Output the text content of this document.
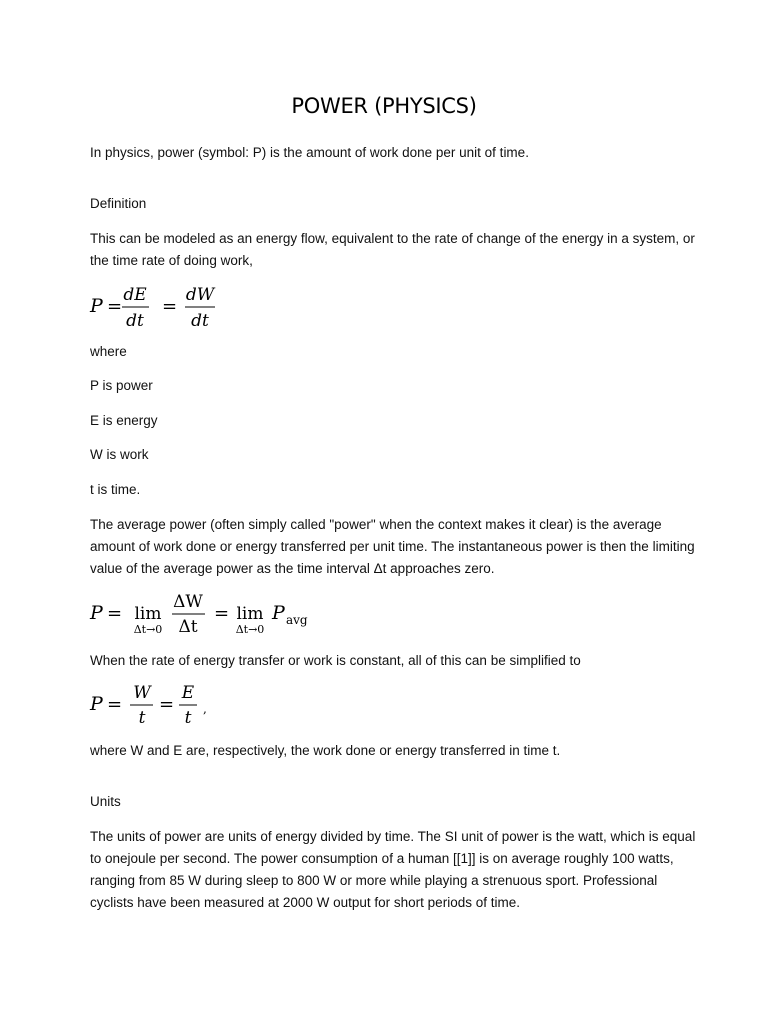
POWER (PHYSICS)

In physics, power (symbol: P) is the amount of work done per unit of time.

Definition

This can be modeled as an energy flow, equivalent to the rate of change of the energy in a system, or the time rate of doing work,

P =
dE
dt
=
dW
dt

where

P is power

E is energy

W is work

t is time.

The average power (often simply called "power" when the context makes it clear) is the average amount of work done or energy transferred per unit time. The instantaneous power is then the limiting value of the average power as the time interval Δt approaches zero.

P = lim
Δt→0
ΔW
Δt
= lim
Δt→0
P avg

When the rate of energy transfer or work is constant, all of this can be simplified to

P =
W
t
=
E
t ,

where W and E are, respectively, the work done or energy transferred in time t.

Units

The units of power are units of energy divided by time. The SI unit of power is the watt, which is equal to onejoule per second. The power consumption of a human [[1]] is on average roughly 100 watts, ranging from 85 W during sleep to 800 W or more while playing a strenuous sport. Professional cyclists have been measured at 2000 W output for short periods of time.
